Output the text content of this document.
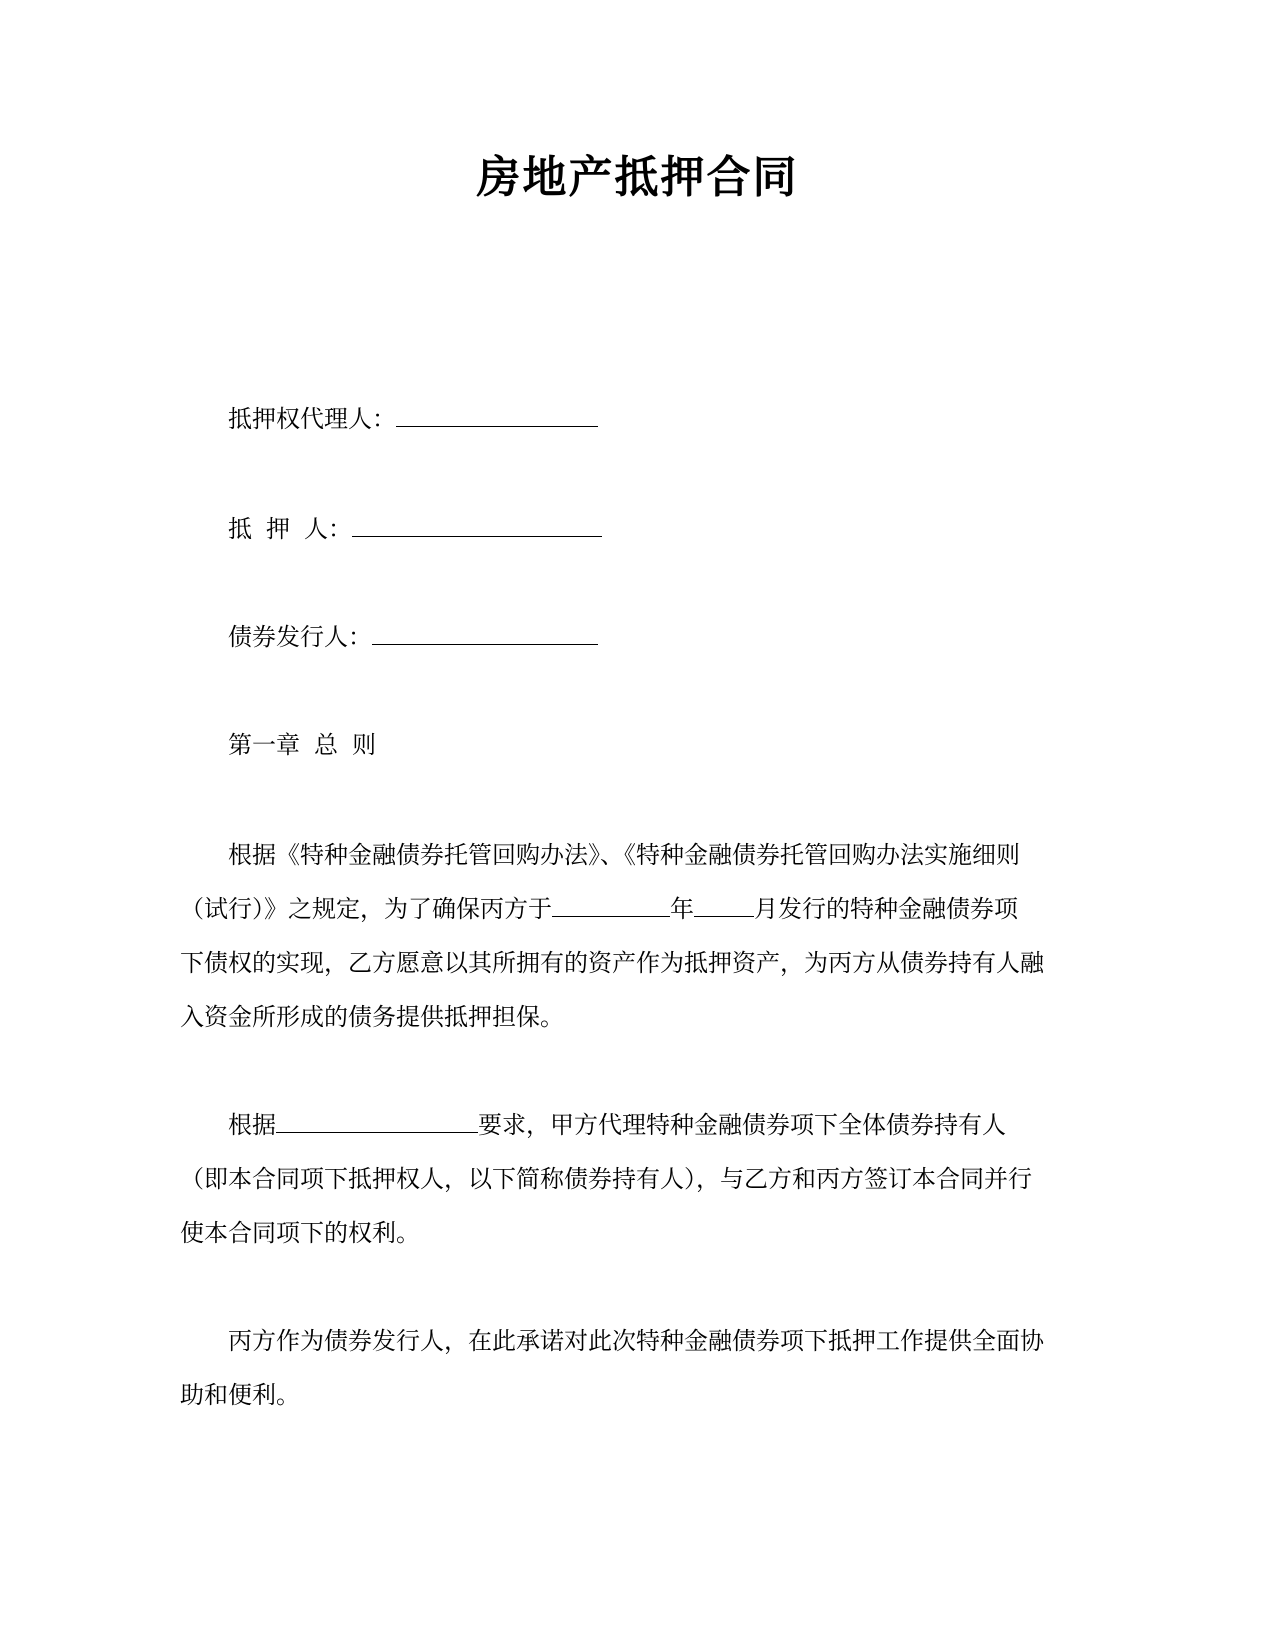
房地产抵押合同
抵押权代理人：
抵 押 人：
债券发行人：
第一章 总 则
根据《特种金融债券托管回购办法》、《特种金融债券托管回购办法实施细则
（试行）》之规定，为了确保丙方于	年	月发行的特种金融债券项
下债权的实现，乙方愿意以其所拥有的资产作为抵押资产，为丙方从债券持有人融
入资金所形成的债务提供抵押担保。
根据	要求，甲方代理特种金融债券项下全体债券持有人
（即本合同项下抵押权人，以下简称债券持有人），与乙方和丙方签订本合同并行
使本合同项下的权利。
丙方作为债券发行人，在此承诺对此次特种金融债券项下抵押工作提供全面协
助和便利。
